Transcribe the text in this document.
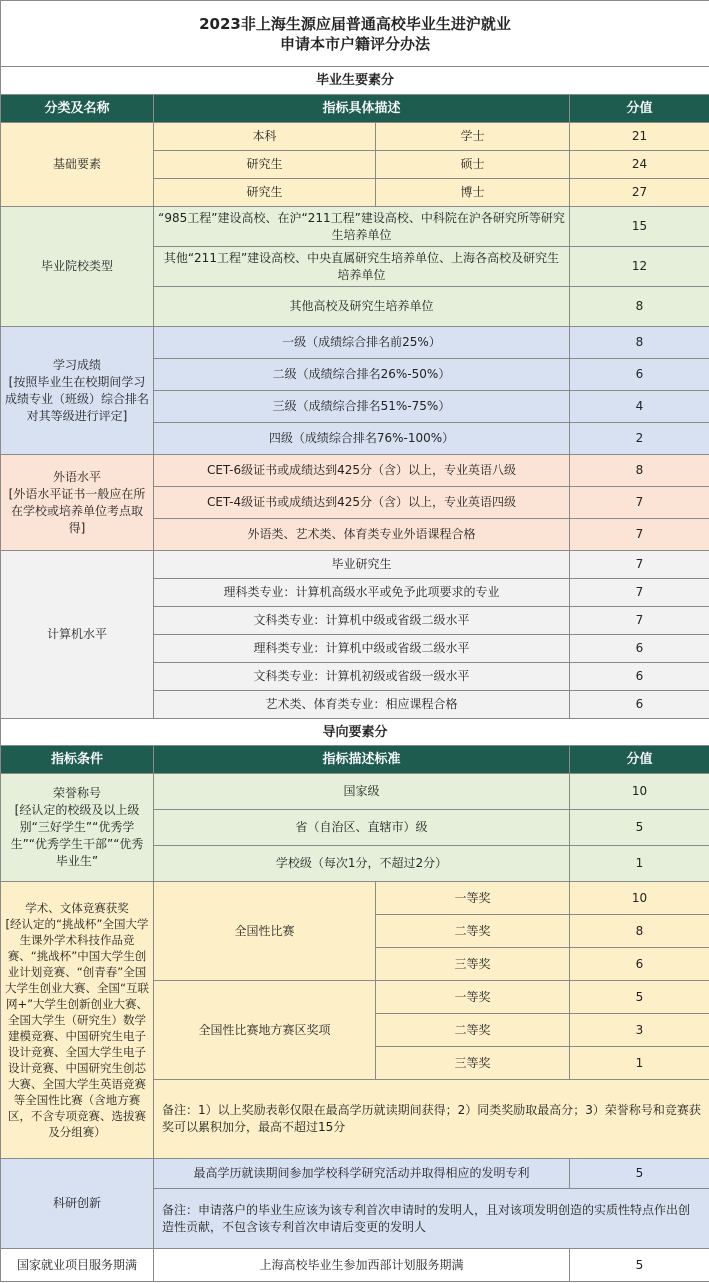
2023非上海生源应届普通高校毕业生进沪就业
申请本市户籍评分办法			

毕业生要素分			
分类及名称	指标具体描述		分值
基础要素	本科	学士	21
	研究生	硕士	24
	研究生	博士	27
毕业院校类型	“985工程”建设高校、在沪“211工程”建设高校、中科院在沪各研究所等研究生培养单位		15
	其他“211工程”建设高校、中央直属研究生培养单位、上海各高校及研究生培养单位		12
	其他高校及研究生培养单位		8

学习成绩
[按照毕业生在校期间学习成绩专业（班级）综合排名对其等级进行评定]	一级（成绩综合排名前25%）		8
	二级（成绩综合排名26%-50%）		6
	三级（成绩综合排名51%-75%）		4
	四级（成绩综合排名76%-100%）		2

外语水平
[外语水平证书一般应在所在学校或培养单位考点取得]	CET-6级证书或成绩达到425分（含）以上，专业英语八级		8
	CET-4级证书或成绩达到425分（含）以上，专业英语四级		7
	外语类、艺术类、体育类专业外语课程合格		7
计算机水平	毕业研究生		7
	理科类专业：计算机高级水平或免予此项要求的专业		7
	文科类专业：计算机中级或省级二级水平		7
	理科类专业：计算机中级或省级二级水平		6
	文科类专业：计算机初级或省级一级水平		6
	艺术类、体育类专业：相应课程合格		6
导向要素分			
指标条件	指标描述标准		分值

荣誉称号
[经认定的校级及以上级别“三好学生”“优秀学生”“优秀学生干部”“优秀毕业生”	国家级		10
	省（自治区、直辖市）级		5
	学校级（每次1分，不超过2分）		1

学术、文体竞赛获奖
[经认定的“挑战杯”全国大学生课外学术科技作品竞赛、“挑战杯”中国大学生创业计划竞赛、“创青春”全国大学生创业大赛、全国“互联网+”大学生创新创业大赛、全国大学生（研究生）数学建模竞赛、中国研究生电子设计竞赛、全国大学生电子设计竞赛、中国研究生创芯大赛、全国大学生英语竞赛等全国性比赛（含地方赛区，不含专项竞赛、选拔赛及分组赛）	全国性比赛	一等奖	10
		二等奖	8
		三等奖	6
	全国性比赛地方赛区奖项	一等奖	5
		二等奖	3
		三等奖	1
	备注：1）以上奖励表彰仅限在最高学历就读期间获得；2）同类奖励取最高分；3）荣誉称号和竞赛获奖可以累积加分，最高不超过15分		
科研创新	最高学历就读期间参加学校科学研究活动并取得相应的发明专利		5
	备注：申请落户的毕业生应该为该专利首次申请时的发明人，且对该项发明创造的实质性特点作出创造性贡献，不包含该专利首次申请后变更的发明人		
国家就业项目服务期满	上海高校毕业生参加西部计划服务期满		5
